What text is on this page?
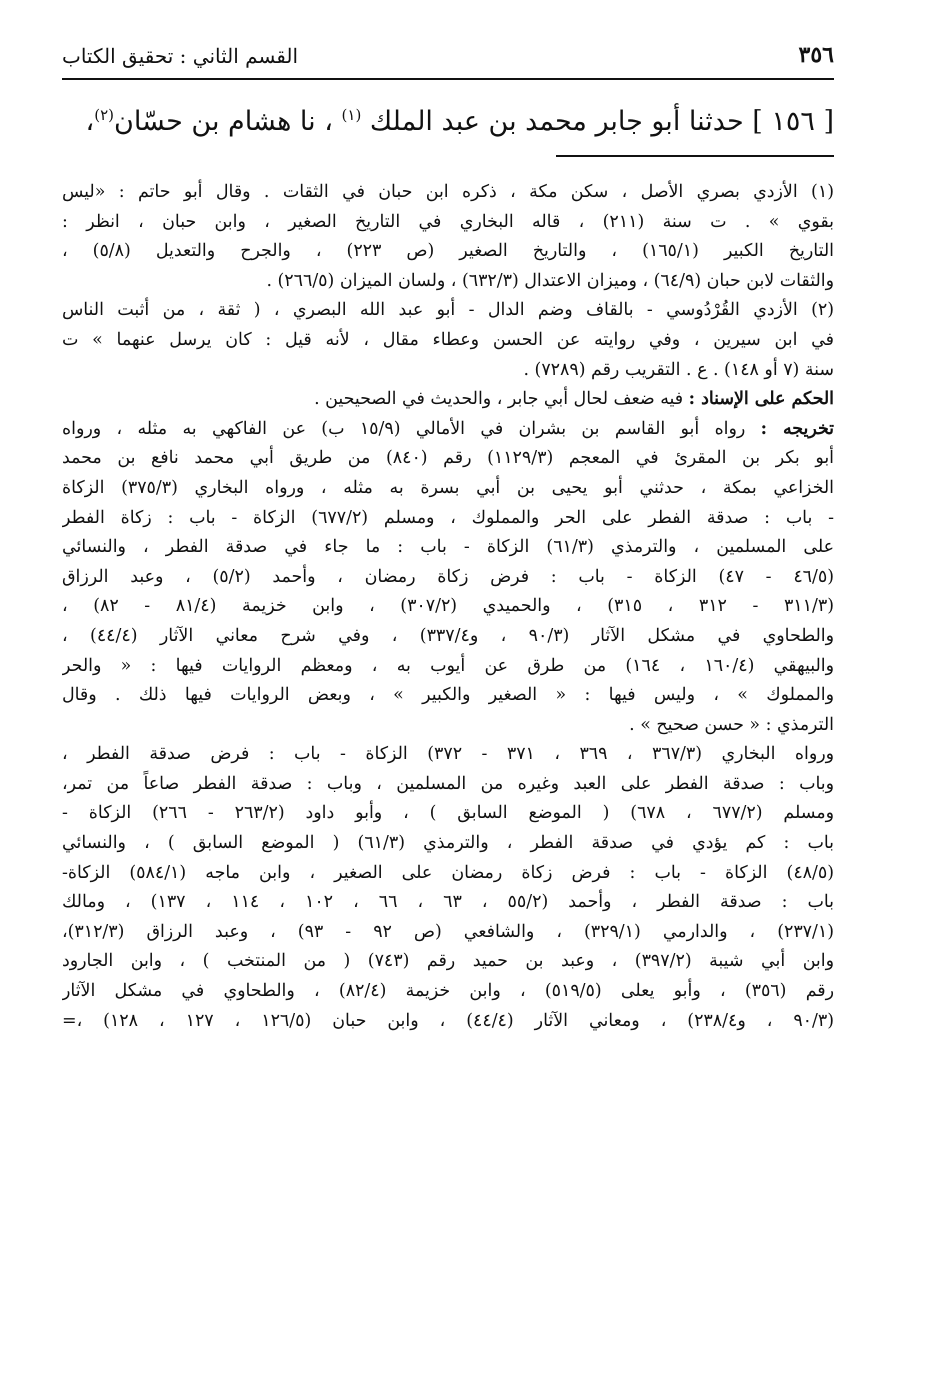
٣٥٦
القسم الثاني : تحقيق الكتاب
[ ١٥٦ ] حدثنا أبو جابر محمد بن عبد الملك $^{(١)}$ ، نا هشام بن حسّان$^{(٢)}$،
(١) الأزدي بصري الأصل ، سكن مكة ، ذكره ابن حبان في الثقات . وقال أبو حاتم : «ليس
بقوي » . ت سنة (٢١١) ، قاله البخاري في التاريخ الصغير ، وابن حبان ، انظر :
التاريخ الكبير (١٦٥/١) ، والتاريخ الصغير (ص ٢٢٣) ، والجرح والتعديل (٥/٨) ،
والثقات لابن حبان (٦٤/٩) ، وميزان الاعتدال (٦٣٢/٣) ، ولسان الميزان (٢٦٦/٥) .
(٢) الأزدي القُرْدُوسي - بالقاف وضم الدال - أبو عبد الله البصري ، ( ثقة ، من أثبت الناس
في ابن سيرين ، وفي روايته عن الحسن وعطاء مقال ، لأنه قيل : كان يرسل عنهما » ت
سنة (٧ أو ١٤٨) . ع . التقريب رقم (٧٢٨٩) .
الحكم على الإسناد : فيه ضعف لحال أبي جابر ، والحديث في الصحيحين .
تخريجه : رواه أبو القاسم بن بشران في الأمالي (١٥/٩ ب) عن الفاكهي به مثله ، ورواه
أبو بكر بن المقرئ في المعجم (١١٢٩/٣) رقم (٨٤٠) من طريق أبي محمد نافع بن محمد
الخزاعي بمكة ، حدثني أبو يحيى بن أبي بسرة به مثله ، ورواه البخاري (٣٧٥/٣) الزكاة
- باب : صدقة الفطر على الحر والمملوك ، ومسلم (٦٧٧/٢) الزكاة - باب : زكاة الفطر
على المسلمين ، والترمذي (٦١/٣) الزكاة - باب : ما جاء في صدقة الفطر ، والنسائي
(٤٦/٥ - ٤٧) الزكاة - باب : فرض زكاة رمضان ، وأحمد (٥/٢) ، وعبد الرزاق
(٣١١/٣ - ٣١٢ ، ٣١٥) ، والحميدي (٣٠٧/٢) ، وابن خزيمة (٨١/٤ - ٨٢) ،
والطحاوي في مشكل الآثار (٩٠/٣ ، و٣٣٧/٤) ، وفي شرح معاني الآثار (٤٤/٤) ،
والبيهقي (١٦٠/٤ ، ١٦٤) من طرق عن أيوب به ، ومعظم الروايات فيها : « والحر
والمملوك » ، وليس فيها : « الصغير والكبير » ، وبعض الروايات فيها ذلك . وقال
الترمذي : « حسن صحيح » .
ورواه البخاري (٣٦٧/٣ ، ٣٦٩ ، ٣٧١ - ٣٧٢) الزكاة - باب : فرض صدقة الفطر ،
وباب : صدقة الفطر على العبد وغيره من المسلمين ، وباب : صدقة الفطر صاعاً من تمر،
ومسلم (٦٧٧/٢ ، ٦٧٨) ( الموضع السابق ) ، وأبو داود (٢٦٣/٢ - ٢٦٦) الزكاة -
باب : كم يؤدي في صدقة الفطر ، والترمذي (٦١/٣) ( الموضع السابق ) ، والنسائي
(٤٨/٥) الزكاة - باب : فرض زكاة رمضان على الصغير ، وابن ماجه (٥٨٤/١) الزكاة-
باب : صدقة الفطر ، وأحمد (٥٥/٢ ، ٦٣ ، ٦٦ ، ١٠٢ ، ١١٤ ، ١٣٧) ، ومالك
(٢٣٧/١) ، والدارمي (٣٢٩/١) ، والشافعي (ص ٩٢ - ٩٣) ، وعبد الرزاق (٣١٢/٣)،
وابن أبي شيبة (٣٩٧/٢) ، وعبد بن حميد رقم (٧٤٣) ( من المنتخب ) ، وابن الجارود
رقم (٣٥٦) ، وأبو يعلى (٥١٩/٥) ، وابن خزيمة (٨٢/٤) ، والطحاوي في مشكل الآثار
(٩٠/٣ ، و٢٣٨/٤) ، ومعاني الآثار (٤٤/٤) ، وابن حبان (١٢٦/٥ ، ١٢٧ ، ١٢٨) ،=
